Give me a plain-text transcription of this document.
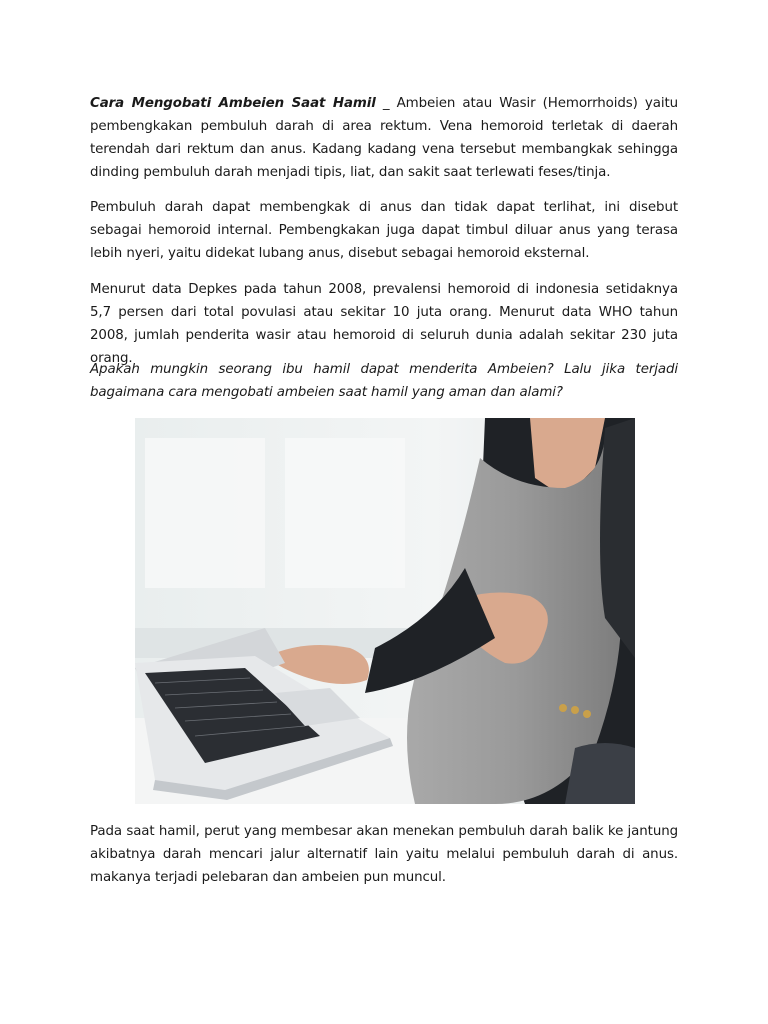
Cara Mengobati Ambeien Saat Hamil _ Ambeien atau Wasir (Hemorrhoids) yaitu pembengkakan pembuluh darah di area rektum. Vena hemoroid terletak di daerah terendah dari rektum dan anus. Kadang kadang vena tersebut membangkak sehingga dinding pembuluh darah menjadi tipis, liat, dan sakit saat terlewati feses/tinja.

Pembuluh darah dapat membengkak di anus dan tidak dapat terlihat, ini disebut sebagai hemoroid internal. Pembengkakan juga dapat timbul diluar anus yang terasa lebih nyeri, yaitu didekat lubang anus, disebut sebagai hemoroid eksternal.

Menurut data Depkes pada tahun 2008, prevalensi hemoroid di indonesia setidaknya 5,7 persen dari total povulasi atau sekitar 10 juta orang. Menurut data WHO tahun 2008, jumlah penderita wasir atau hemoroid di seluruh dunia adalah sekitar 230 juta orang.

Apakah mungkin seorang ibu hamil dapat menderita Ambeien? Lalu jika terjadi bagaimana cara mengobati ambeien saat hamil yang aman dan alami?

Pada saat hamil, perut yang membesar akan menekan pembuluh darah balik ke jantung akibatnya darah mencari jalur alternatif lain yaitu melalui pembuluh darah di anus. makanya terjadi pelebaran dan ambeien pun muncul.
